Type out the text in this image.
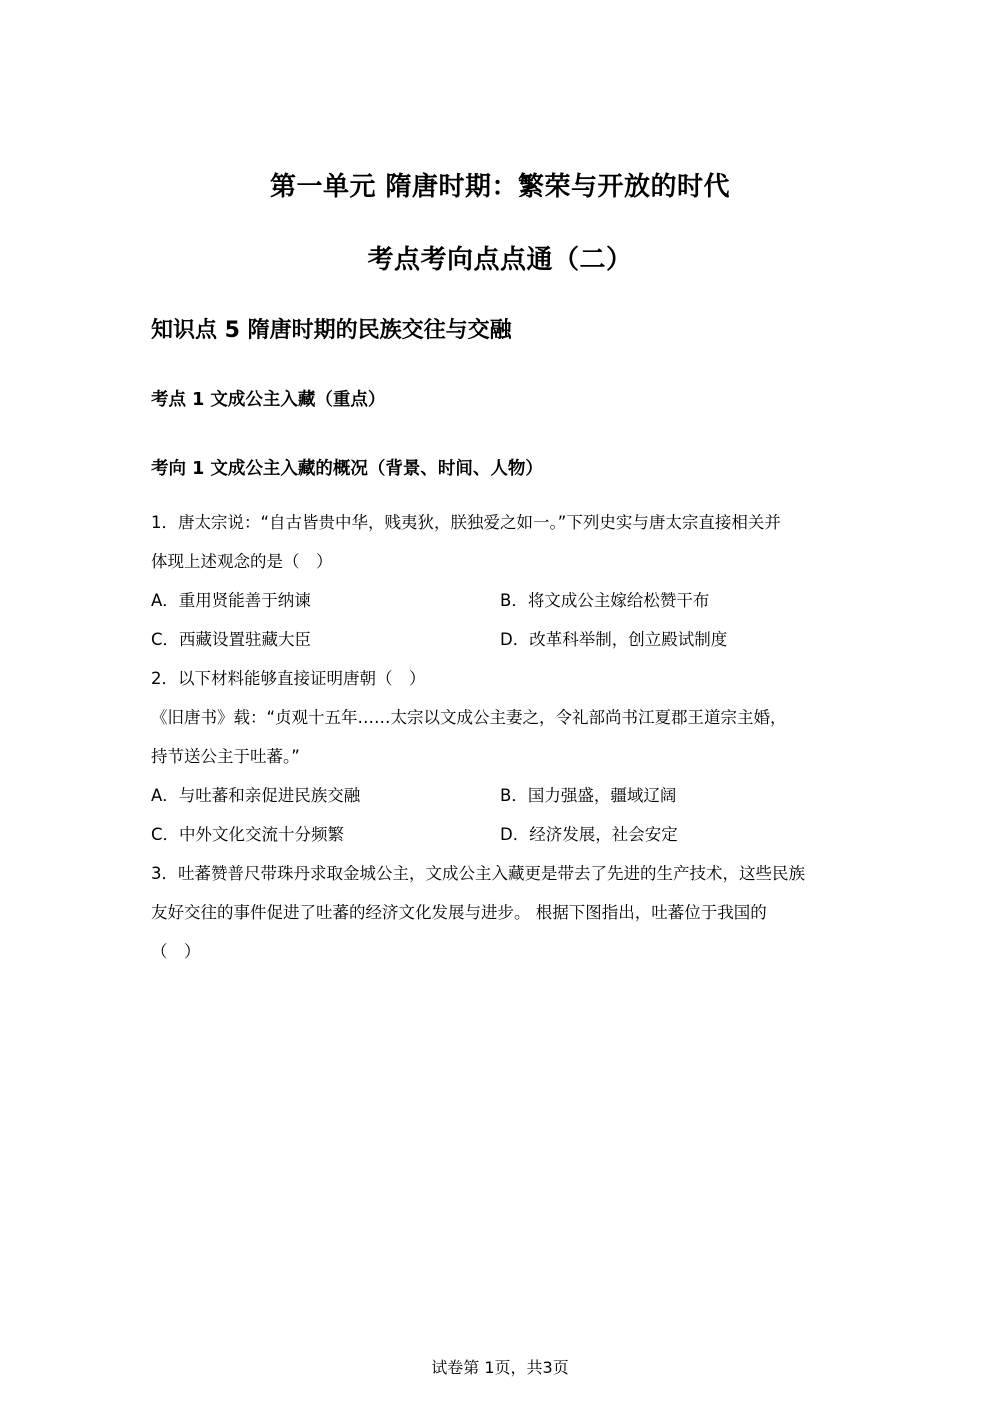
第一单元 隋唐时期：繁荣与开放的时代
考点考向点点通（二）
知识点 5 隋唐时期的民族交往与交融
考点 1 文成公主入藏（重点）
考向 1 文成公主入藏的概况（背景、时间、人物）
1．唐太宗说：“自古皆贵中华，贱夷狄，朕独爱之如一。”下列史实与唐太宗直接相关并
体现上述观念的是（　）
A．重用贤能善于纳谏	B．将文成公主嫁给松赞干布
C．西藏设置驻藏大臣	D．改革科举制，创立殿试制度
2．以下材料能够直接证明唐朝（　）
《旧唐书》载：“贞观十五年……太宗以文成公主妻之，令礼部尚书江夏郡王道宗主婚，
持节送公主于吐蕃。”
A．与吐蕃和亲促进民族交融	B．国力强盛，疆域辽阔
C．中外文化交流十分频繁	D．经济发展，社会安定
3．吐蕃赞普尺带珠丹求取金城公主，文成公主入藏更是带去了先进的生产技术，这些民族
友好交往的事件促进了吐蕃的经济文化发展与进步。 根据下图指出，吐蕃位于我国的
（　）
试卷第 1页，共3页
